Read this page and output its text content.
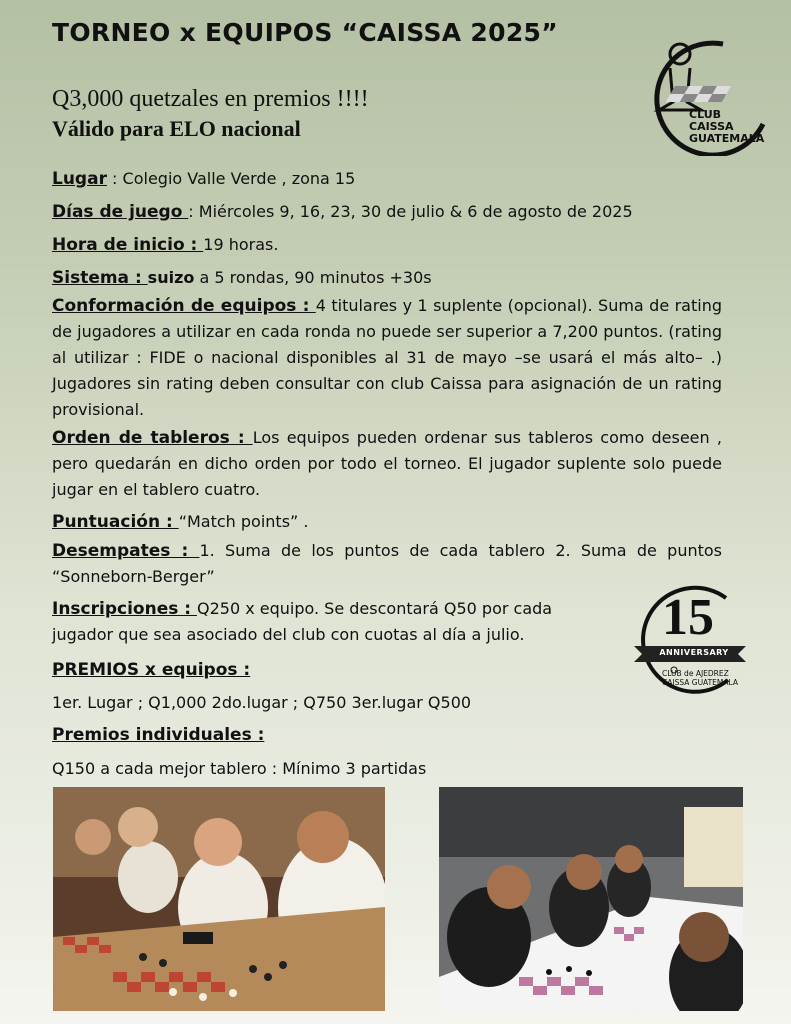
TORNEO x EQUIPOS “CAISSA 2025”
Q3,000 quetzales en premios !!!!
Válido para ELO nacional
CLUB
CAISSA
GUATEMALA
Lugar : Colegio Valle Verde , zona 15
Días de juego : Miércoles 9, 16, 23, 30 de julio & 6 de agosto de 2025
Hora de inicio : 19 horas.
Sistema : suizo a 5 rondas, 90 minutos +30s
Conformación de equipos : 4 titulares y 1 suplente (opcional). Suma de rating de jugadores a utilizar en cada ronda no puede ser superior a 7,200 puntos. (rating al utilizar : FIDE o nacional disponibles al 31 de mayo –se usará el más alto– .) Jugadores sin rating deben consultar con club Caissa para asignación de un rating provisional.
Orden de tableros : Los equipos pueden ordenar sus tableros como deseen , pero quedarán en dicho orden por todo el torneo. El jugador suplente solo puede jugar en el tablero cuatro.
Puntuación : “Match points” .
Desempates : 1. Suma de los puntos de cada tablero 2. Suma de puntos “Sonneborn-Berger”
Inscripciones : Q250 x equipo. Se descontará Q50 por cada jugador que sea asociado del club con cuotas al día a julio.	15
ANNIVERSARY
CLUB de AJEDREZ
CAISSA GUATEMALA
PREMIOS x equipos :
1er. Lugar ; Q1,000 2do.lugar ; Q750 3er.lugar Q500
Premios individuales :
Q150 a cada mejor tablero : Mínimo 3 partidas
